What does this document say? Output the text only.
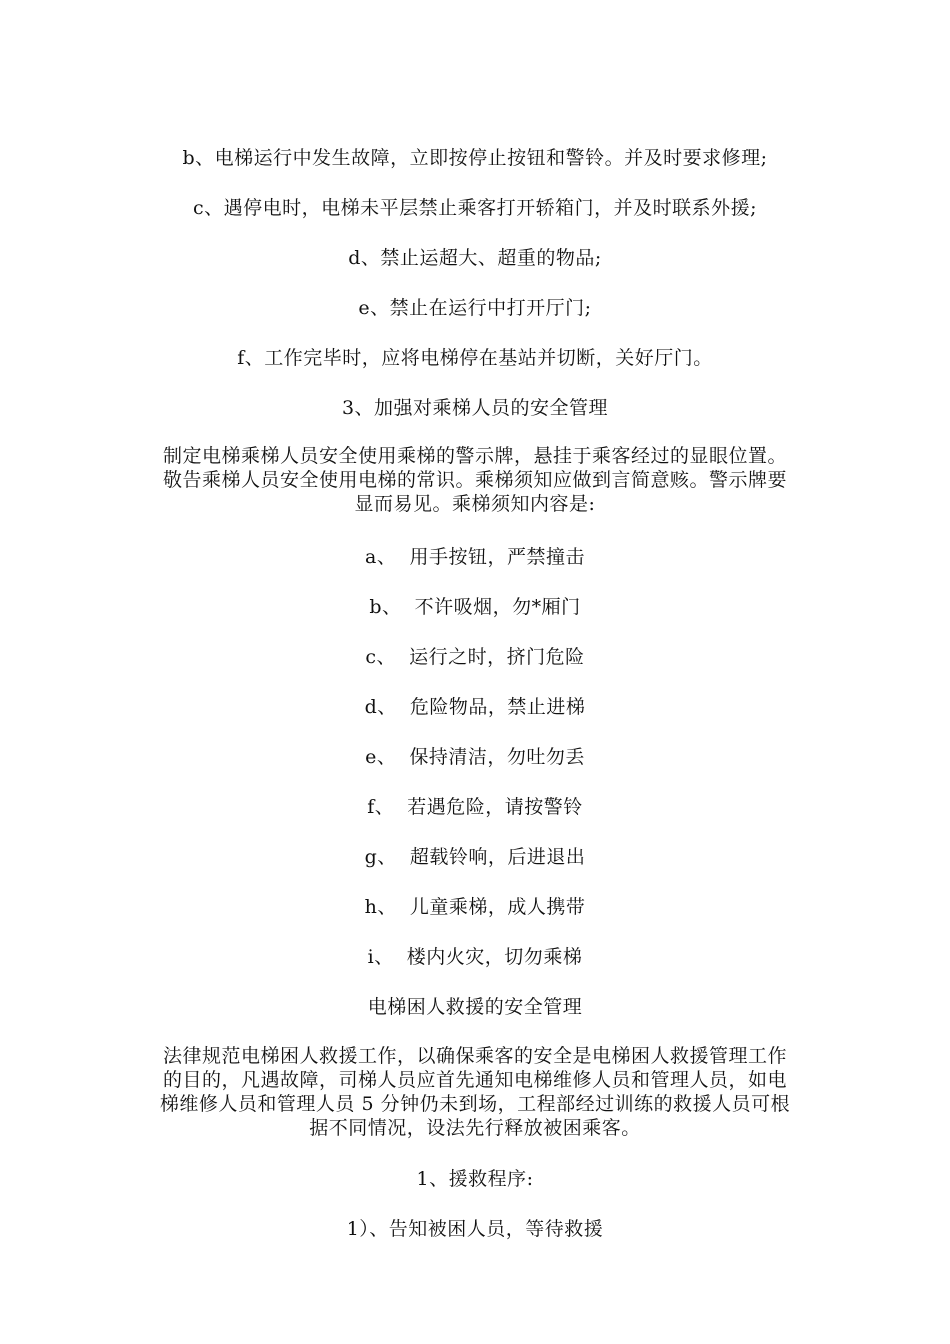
b、电梯运行中发生故障，立即按停止按钮和警铃。并及时要求修理;
c、遇停电时，电梯未平层禁止乘客打开轿箱门，并及时联系外援;
d、禁止运超大、超重的物品;
e、禁止在运行中打开厅门;
f、工作完毕时，应将电梯停在基站并切断，关好厅门。
3、加强对乘梯人员的安全管理
制定电梯乘梯人员安全使用乘梯的警示牌，悬挂于乘客经过的显眼位置。
敬告乘梯人员安全使用电梯的常识。乘梯须知应做到言简意赅。警示牌要
显而易见。乘梯须知内容是:
a、  用手按钮，严禁撞击
b、  不许吸烟，勿*厢门
c、  运行之时，挤门危险
d、  危险物品，禁止进梯
e、  保持清洁，勿吐勿丢
f、  若遇危险，请按警铃
g、  超载铃响，后进退出
h、  儿童乘梯，成人携带
i、  楼内火灾，切勿乘梯
电梯困人救援的安全管理
法律规范电梯困人救援工作，以确保乘客的安全是电梯困人救援管理工作
的目的，凡遇故障，司梯人员应首先通知电梯维修人员和管理人员，如电
梯维修人员和管理人员 5 分钟仍未到场，工程部经过训练的救援人员可根
据不同情况，设法先行释放被困乘客。
1、援救程序:
1）、告知被困人员，等待救援
